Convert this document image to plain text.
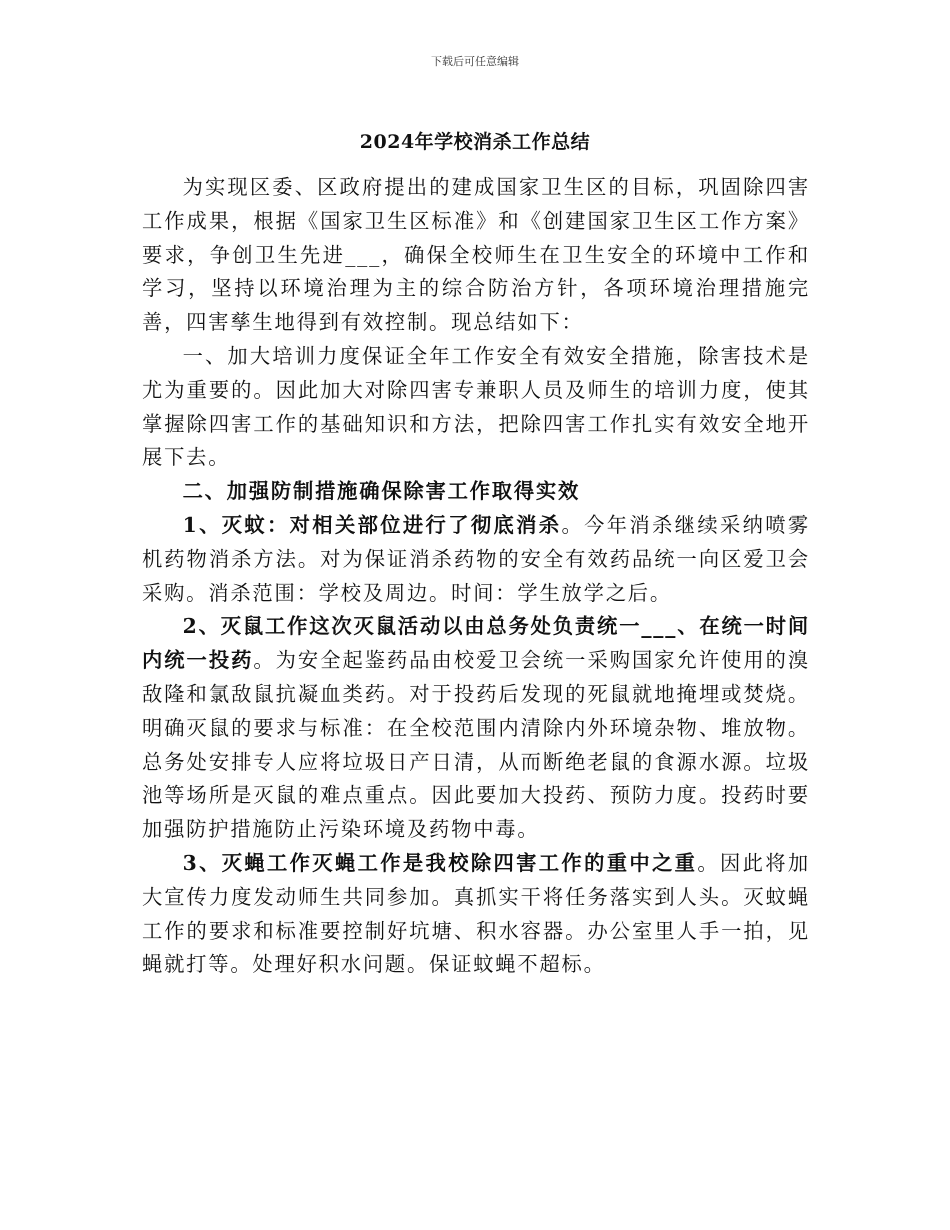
下载后可任意编辑
2024年学校消杀工作总结

为实现区委、区政府提出的建成国家卫生区的目标，巩固除四害工作成果，根据《国家卫生区标准》和《创建国家卫生区工作方案》要求，争创卫生先进___，确保全校师生在卫生安全的环境中工作和学习，坚持以环境治理为主的综合防治方针，各项环境治理措施完善，四害孳生地得到有效控制。现总结如下：

一、加大培训力度保证全年工作安全有效安全措施，除害技术是尤为重要的。因此加大对除四害专兼职人员及师生的培训力度，使其掌握除四害工作的基础知识和方法，把除四害工作扎实有效安全地开展下去。

二、加强防制措施确保除害工作取得实效

1、灭蚊：对相关部位进行了彻底消杀。今年消杀继续采纳喷雾机药物消杀方法。对为保证消杀药物的安全有效药品统一向区爱卫会采购。消杀范围：学校及周边。时间：学生放学之后。

2、灭鼠工作这次灭鼠活动以由总务处负责统一___、在统一时间内统一投药。为安全起鉴药品由校爱卫会统一采购国家允许使用的溴敌隆和氯敌鼠抗凝血类药。对于投药后发现的死鼠就地掩埋或焚烧。明确灭鼠的要求与标准：在全校范围内清除内外环境杂物、堆放物。总务处安排专人应将垃圾日产日清，从而断绝老鼠的食源水源。垃圾池等场所是灭鼠的难点重点。因此要加大投药、预防力度。投药时要加强防护措施防止污染环境及药物中毒。

3、灭蝇工作灭蝇工作是我校除四害工作的重中之重。因此将加大宣传力度发动师生共同参加。真抓实干将任务落实到人头。灭蚊蝇工作的要求和标准要控制好坑塘、积水容器。办公室里人手一拍，见蝇就打等。处理好积水问题。保证蚊蝇不超标。
